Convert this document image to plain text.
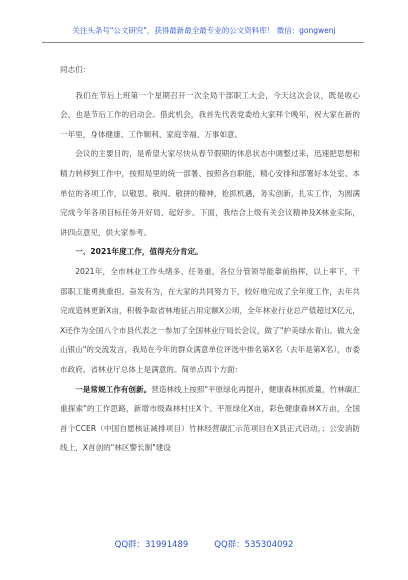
关注头条号"公文研究"，获得最新最全最专业的公文资料库！ 微信：gongwenj

同志们：

我们在节后上班第一个星期召开一次全局干部职工大会，今天这次会议，既是收心会，也是节后工作的启动会。借此机会，我首先代表党委给大家拜个晚年，祝大家在新的一年里，身体健康、工作顺利、家庭幸福、万事如意。

会议的主要目的，是希望大家尽快从春节假期的休息状态中调整过来，迅速把思想和精力转移到工作中，按照局里的统一部署、按照各自职能，精心安排和部署好本处室、本单位的各项工作，以敬思、敬闯、敬拼的精神，抢抓机遇，务实创新，扎实工作，为圆满完成今年各项目标任务开好局、起好步。下面，我结合上级有关会议精神及X林业实际，讲四点意见，供大家参考。

一、2021年度工作，值得充分肯定。

2021年，全市林业工作头绪多、任务重，各位分管领导能靠前指挥，以上率下，干部职工能勇挑重担、奋发有为，在大家的共同努力下，较好地完成了全年度工作，去年共完成造林更新X亩，积极争取省林地征占用定额X公顷，全年林业行业总产值超过X亿元，X还作为全国八个市县代表之一参加了全国林业厅局长会议，做了"护美绿水青山、做大金山银山"的交流发言，我局在今年的群众满意单位评选中排名第X名（去年是第X名），市委市政府、省林业厅总体上是满意的。简单点四个方面：

一是常规工作有创新。营造林线上按照"平原绿化再提升，健康森林抓质量，竹林碳汇重探索"的工作思路，新增市级森林村庄X个、平原绿化X亩，彩色健康森林X万亩，全国首个CCER（中国自愿核证减排项目）竹林经营碳汇示范项目在X县正式启动，；公安消防线上，X首创的"林区警长制"建设

QQ群：31991489	QQ群：535304092
